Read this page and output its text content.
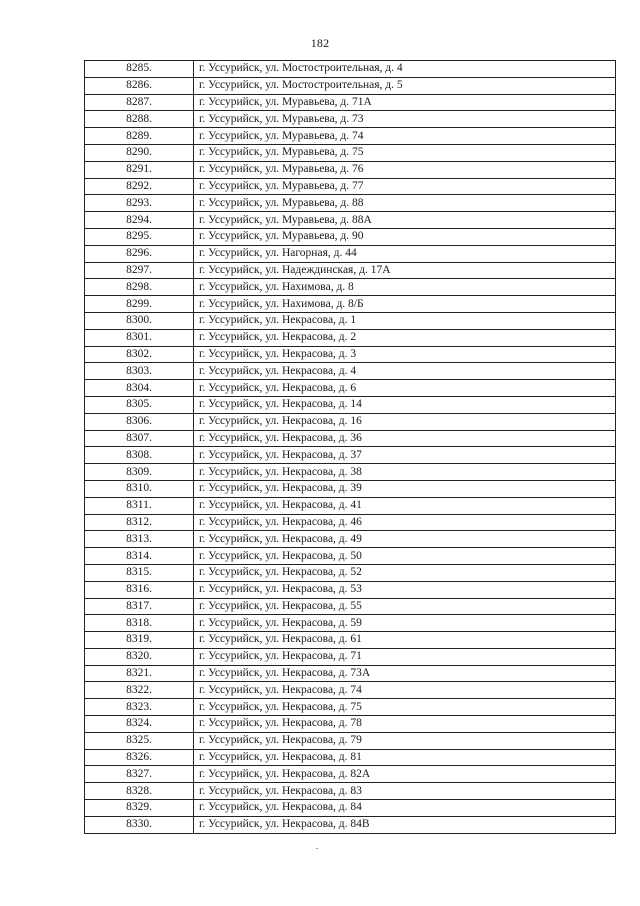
182
8285.	г. Уссурийск, ул. Мостостроительная, д. 4
8286.	г. Уссурийск, ул. Мостостроительная, д. 5
8287.	г. Уссурийск, ул. Муравьева, д. 71А
8288.	г. Уссурийск, ул. Муравьева, д. 73
8289.	г. Уссурийск, ул. Муравьева, д. 74
8290.	г. Уссурийск, ул. Муравьева, д. 75
8291.	г. Уссурийск, ул. Муравьева, д. 76
8292.	г. Уссурийск, ул. Муравьева, д. 77
8293.	г. Уссурийск, ул. Муравьева, д. 88
8294.	г. Уссурийск, ул. Муравьева, д. 88А
8295.	г. Уссурийск, ул. Муравьева, д. 90
8296.	г. Уссурийск, ул. Нагорная, д. 44
8297.	г. Уссурийск, ул. Надеждинская, д. 17А
8298.	г. Уссурийск, ул. Нахимова, д. 8
8299.	г. Уссурийск, ул. Нахимова, д. 8/Б
8300.	г. Уссурийск, ул. Некрасова, д. 1
8301.	г. Уссурийск, ул. Некрасова, д. 2
8302.	г. Уссурийск, ул. Некрасова, д. 3
8303.	г. Уссурийск, ул. Некрасова, д. 4
8304.	г. Уссурийск, ул. Некрасова, д. 6
8305.	г. Уссурийск, ул. Некрасова, д. 14
8306.	г. Уссурийск, ул. Некрасова, д. 16
8307.	г. Уссурийск, ул. Некрасова, д. 36
8308.	г. Уссурийск, ул. Некрасова, д. 37
8309.	г. Уссурийск, ул. Некрасова, д. 38
8310.	г. Уссурийск, ул. Некрасова, д. 39
8311.	г. Уссурийск, ул. Некрасова, д. 41
8312.	г. Уссурийск, ул. Некрасова, д. 46
8313.	г. Уссурийск, ул. Некрасова, д. 49
8314.	г. Уссурийск, ул. Некрасова, д. 50
8315.	г. Уссурийск, ул. Некрасова, д. 52
8316.	г. Уссурийск, ул. Некрасова, д. 53
8317.	г. Уссурийск, ул. Некрасова, д. 55
8318.	г. Уссурийск, ул. Некрасова, д. 59
8319.	г. Уссурийск, ул. Некрасова, д. 61
8320.	г. Уссурийск, ул. Некрасова, д. 71
8321.	г. Уссурийск, ул. Некрасова, д. 73А
8322.	г. Уссурийск, ул. Некрасова, д. 74
8323.	г. Уссурийск, ул. Некрасова, д. 75
8324.	г. Уссурийск, ул. Некрасова, д. 78
8325.	г. Уссурийск, ул. Некрасова, д. 79
8326.	г. Уссурийск, ул. Некрасова, д. 81
8327.	г. Уссурийск, ул. Некрасова, д. 82А
8328.	г. Уссурийск, ул. Некрасова, д. 83
8329.	г. Уссурийск, ул. Некрасова, д. 84
8330.	г. Уссурийск, ул. Некрасова, д. 84В
